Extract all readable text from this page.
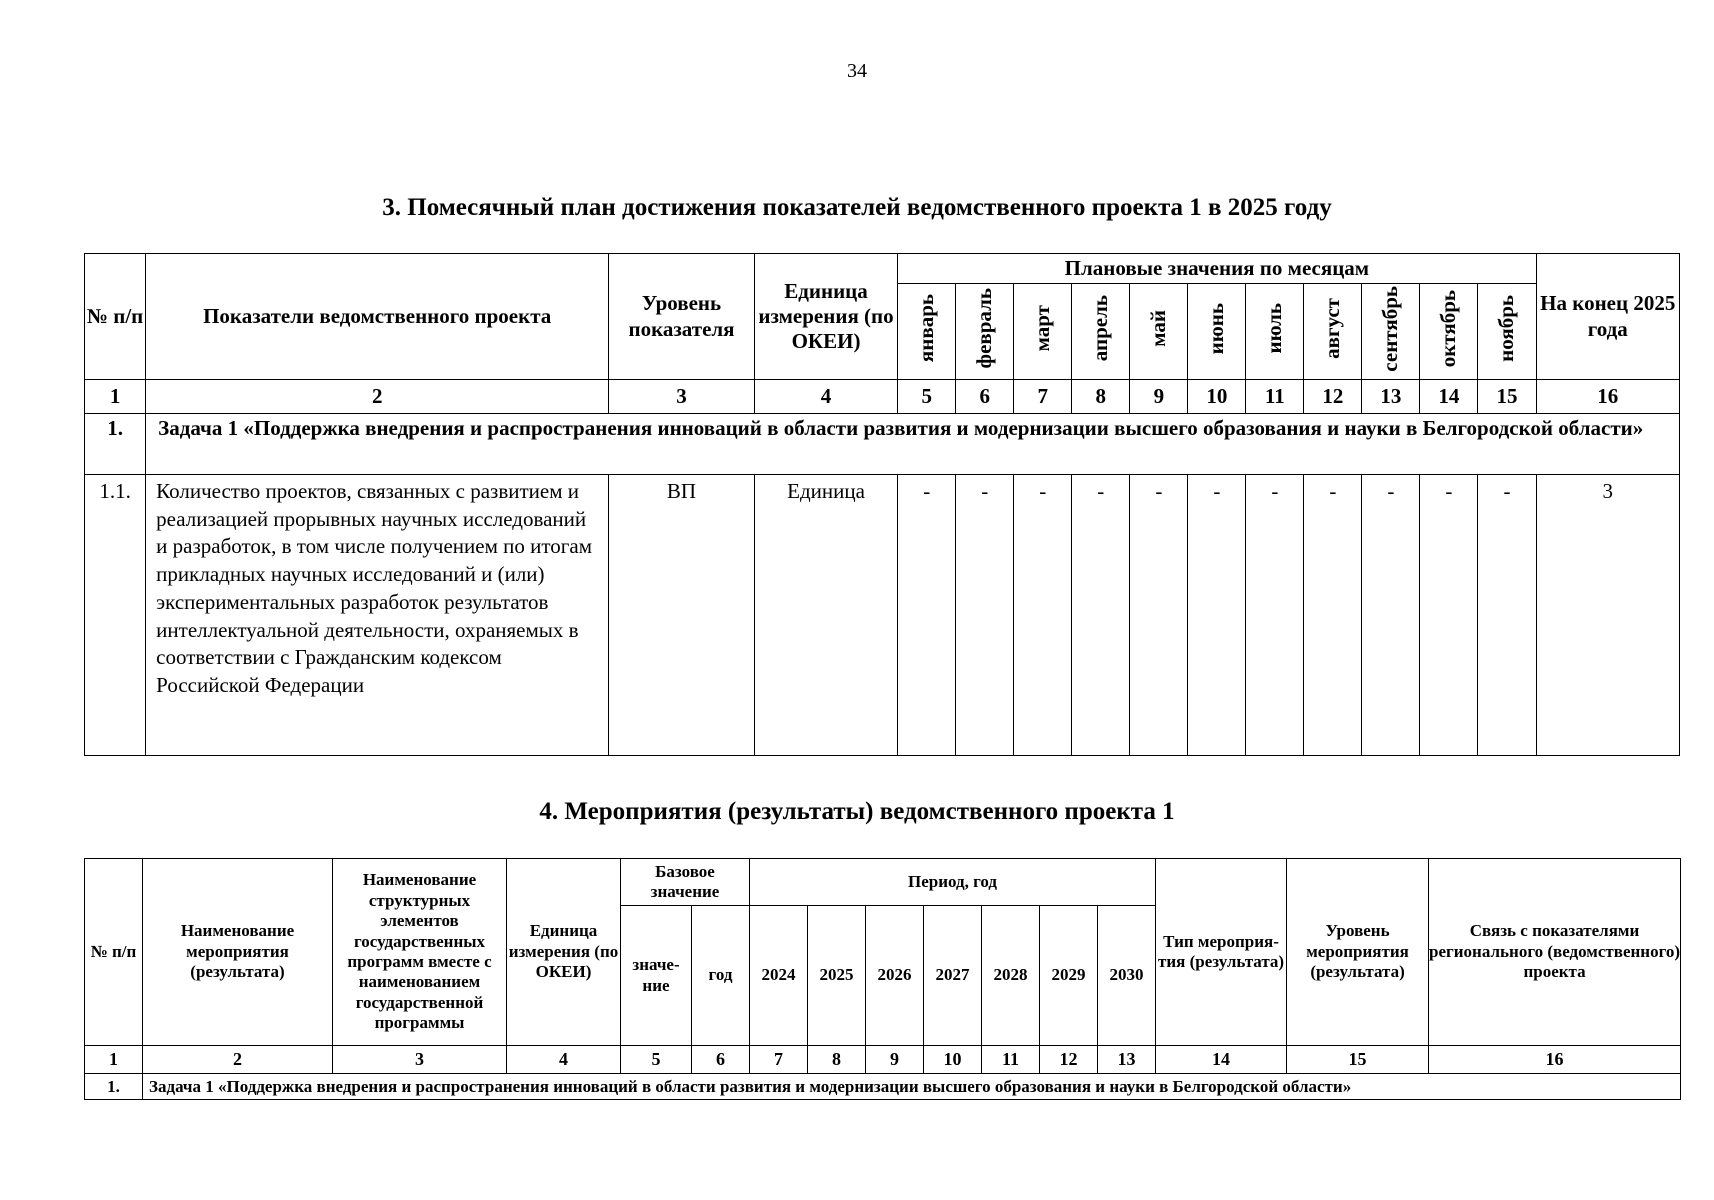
34
3. Помесячный план достижения показателей ведомственного проекта 1 в 2025 году
№ п/п	Показатели ведомственного проекта	Уровень показателя	Единица измерения (по ОКЕИ)	Плановые значения по месяцам											На конец 2025 года
				январь	февраль	март	апрель	май	июнь	июль	август	сентябрь	октябрь	ноябрь	
1	2	3	4	5	6	7	8	9	10	11	12	13	14	15	16
1.	Задача 1 «Поддержка внедрения и распространения инноваций в области развития и модернизации высшего образования и науки в Белгородской области»														
1.1.	Количество проектов, связанных с развитием и реализацией прорывных научных исследований и разработок, в том числе получением по итогам прикладных научных исследований и (или) экспериментальных разработок результатов интеллектуальной деятельности, охраняемых в соответствии с Гражданским кодексом Российской Федерации	ВП	Единица	-	-	-	-	-	-	-	-	-	-	-	3
4. Мероприятия (результаты) ведомственного проекта 1
№ п/п	Наименование мероприятия (результата)	Наименование структурных элементов государственных программ вместе с наименованием государственной программы	Единица измерения (по ОКЕИ)	Базовое значение		Период, год							Тип мероприя-тия (результата)	Уровень мероприятия (результата)	Связь с показателями регионального (ведомственного) проекта
				значе-ние	год	2024	2025	2026	2027	2028	2029	2030			
1	2	3	4	5	6	7	8	9	10	11	12	13	14	15	16
1.	Задача 1 «Поддержка внедрения и распространения инноваций в области развития и модернизации высшего образования и науки в Белгородской области»														
